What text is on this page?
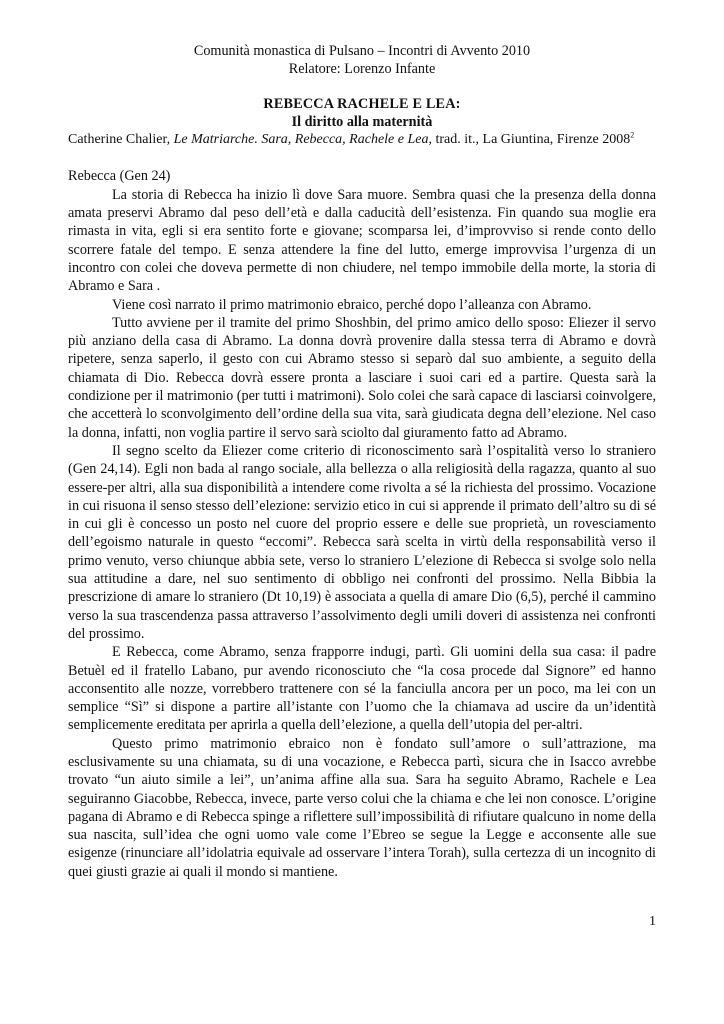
Comunità monastica di Pulsano – Incontri di Avvento 2010
Relatore: Lorenzo Infante
REBECCA RACHELE E LEA:
Il diritto alla maternità
Catherine Chalier, Le Matriarche. Sara, Rebecca, Rachele e Lea, trad. it., La Giuntina, Firenze 2008$^2$
Rebecca (Gen 24)

La storia di Rebecca ha inizio lì dove Sara muore. Sembra quasi che la presenza della donna amata preservi Abramo dal peso dell’età e dalla caducità dell’esistenza. Fin quando sua moglie era rimasta in vita, egli si era sentito forte e giovane; scomparsa lei, d’improvviso si rende conto dello scorrere fatale del tempo. E senza attendere la fine del lutto, emerge improvvisa l’urgenza di un incontro con colei che doveva permette di non chiudere, nel tempo immobile della morte, la storia di Abramo e Sara .

Viene così narrato il primo matrimonio ebraico, perché dopo l’alleanza con Abramo.

Tutto avviene per il tramite del primo Shoshbin, del primo amico dello sposo: Eliezer il servo più anziano della casa di Abramo. La donna dovrà provenire dalla stessa terra di Abramo e dovrà ripetere, senza saperlo, il gesto con cui Abramo stesso si separò dal suo ambiente, a seguito della chiamata di Dio. Rebecca dovrà essere pronta a lasciare i suoi cari ed a partire. Questa sarà la condizione per il matrimonio (per tutti i matrimoni). Solo colei che sarà capace di lasciarsi coinvolgere, che accetterà lo sconvolgimento dell’ordine della sua vita, sarà giudicata degna dell’elezione. Nel caso la donna, infatti, non voglia partire il servo sarà sciolto dal giuramento fatto ad Abramo.

Il segno scelto da Eliezer come criterio di riconoscimento sarà l’ospitalità verso lo straniero (Gen 24,14). Egli non bada al rango sociale, alla bellezza o alla religiosità della ragazza, quanto al suo essere-per altri, alla sua disponibilità a intendere come rivolta a sé la richiesta del prossimo. Vocazione in cui risuona il senso stesso dell’elezione: servizio etico in cui si apprende il primato dell’altro su di sé in cui gli è concesso un posto nel cuore del proprio essere e delle sue proprietà, un rovesciamento dell’egoismo naturale in questo “eccomi”. Rebecca sarà scelta in virtù della responsabilità verso il primo venuto, verso chiunque abbia sete, verso lo straniero L’elezione di Rebecca si svolge solo nella sua attitudine a dare, nel suo sentimento di obbligo nei confronti del prossimo. Nella Bibbia la prescrizione di amare lo straniero (Dt 10,19) è associata a quella di amare Dio (6,5), perché il cammino verso la sua trascendenza passa attraverso l’assolvimento degli umili doveri di assistenza nei confronti del prossimo.

E Rebecca, come Abramo, senza frapporre indugi, partì. Gli uomini della sua casa: il padre Betuèl ed il fratello Labano, pur avendo riconosciuto che “la cosa procede dal Signore” ed hanno acconsentito alle nozze, vorrebbero trattenere con sé la fanciulla ancora per un poco, ma lei con un semplice “Sì” si dispone a partire all’istante con l’uomo che la chiamava ad uscire da un’identità semplicemente ereditata per aprirla a quella dell’elezione, a quella dell’utopia del per-altri.

Questo primo matrimonio ebraico non è fondato sull’amore o sull’attrazione, ma esclusivamente su una chiamata, su di una vocazione, e Rebecca partì, sicura che in Isacco avrebbe trovato “un aiuto simile a lei”, un’anima affine alla sua. Sara ha seguito Abramo, Rachele e Lea seguiranno Giacobbe, Rebecca, invece, parte verso colui che la chiama e che lei non conosce. L’origine pagana di Abramo e di Rebecca spinge a riflettere sull’impossibilità di rifiutare qualcuno in nome della sua nascita, sull’idea che ogni uomo vale come l’Ebreo se segue la Legge e acconsente alle sue esigenze (rinunciare all’idolatria equivale ad osservare l’intera Torah), sulla certezza di un incognito di quei giusti grazie ai quali il mondo si mantiene.

1
